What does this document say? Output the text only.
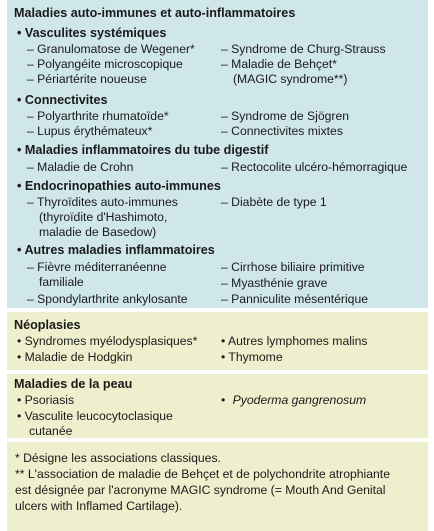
Maladies auto-immunes et auto-inflammatoires
• Vasculites systémiques
– Granulomatose de Wegener*
– Polyangéite microscopique
– Périartérite noueuse
– Syndrome de Churg-Strauss
– Maladie de Behçet*
(MAGIC syndrome**)
• Connectivites
– Polyarthrite rhumatoïde*
– Lupus érythémateux*
– Syndrome de Sjögren
– Connectivites mixtes
• Maladies inflammatoires du tube digestif
– Maladie de Crohn	– Rectocolite ulcéro-hémorragique
• Endocrinopathies auto-immunes
– Thyroïdites auto-immunes
(thyroïdite d'Hashimoto,
maladie de Basedow)
– Diabète de type 1
• Autres maladies inflammatoires
– Fièvre méditerranéenne
familiale
– Spondylarthrite ankylosante
– Cirrhose biliaire primitive
– Myasthénie grave
– Panniculite mésentérique
Néoplasies
• Syndromes myélodysplasiques*
• Maladie de Hodgkin
• Autres lymphomes malins
• Thymome
Maladies de la peau
• Psoriasis
• Vasculite leucocytoclasique
cutanée
• Pyoderma gangrenosum
* Désigne les associations classiques.
** L'association de maladie de Behçet et de polychondrite atrophiante
est désignée par l'acronyme MAGIC syndrome (= Mouth And Genital
ulcers with Inflamed Cartilage).
